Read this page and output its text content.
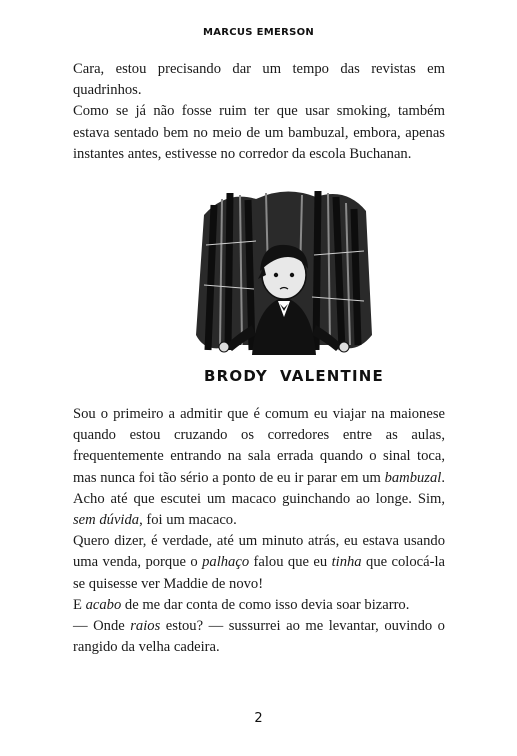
MARCUS EMERSON

Cara, estou precisando dar um tempo das revistas em quadrinhos.

Como se já não fosse ruim ter que usar smoking, também estava sentado bem no meio de um bambuzal, embora, apenas instantes antes, estivesse no corredor da escola Buchanan.

BRODY VALENTINE

Sou o primeiro a admitir que é comum eu viajar na maionese quando estou cruzando os corredores entre as aulas, frequentemente entrando na sala errada quando o sinal toca, mas nunca foi tão sério a ponto de eu ir parar em um bambuzal. Acho até que escutei um macaco guinchando ao longe. Sim, sem dúvida, foi um macaco.

Quero dizer, é verdade, até um minuto atrás, eu estava usando uma venda, porque o palhaço falou que eu tinha que colocá-la se quisesse ver Maddie de novo!

E acabo de me dar conta de como isso devia soar bizarro.

— Onde raios estou? — sussurrei ao me levantar, ouvindo o rangido da velha cadeira.

2
